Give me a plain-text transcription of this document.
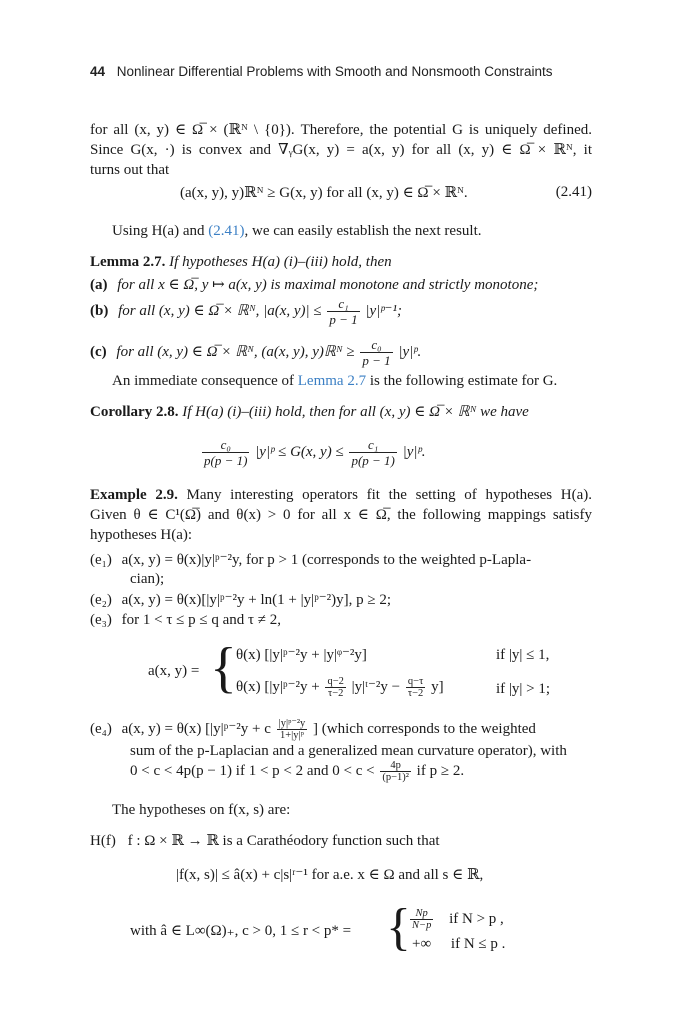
44 Nonlinear Differential Problems with Smooth and Nonsmooth Constraints
for all (x, y) ∈ Ω̅ × (ℝᴺ \ {0}). Therefore, the potential G is uniquely defined.
Since G(x, ·) is convex and ∇ᵧG(x, y) = a(x, y) for all (x, y) ∈ Ω̅ × ℝᴺ, it
turns out that
(a(x, y), y)ℝᴺ ≥ G(x, y) for all (x, y) ∈ Ω̅ × ℝᴺ.	(2.41)
Using H(a) and (2.41), we can easily establish the next result.
Lemma 2.7. If hypotheses H(a) (i)–(iii) hold, then
(a) for all x ∈ Ω̅, y ↦ a(x, y) is maximal monotone and strictly monotone;
(b) for all (x, y) ∈ Ω̅ × ℝᴺ, |a(x, $y)| \le \frac{\text{c₁}}{p - 1}$ |y|ᵖ⁻¹;
(c) for all (x, y) ∈ Ω̅ × ℝᴺ, (a(x, y), y)ℝᴺ ≥ $\frac{\text{c₀}}{p - 1}$ |y|ᵖ.
An immediate consequence of Lemma 2.7 is the following estimate for G.
Corollary 2.8. If H(a) (i)–(iii) hold, then for all (x, y) ∈ Ω̅ × ℝᴺ we have
$\frac{\text{c₀}}{p(p - 1)}$ |y|ᵖ ≤ G(x, $y) \le \frac{\text{c₁}}{p(p - 1)}$ |y|ᵖ.
Example 2.9. Many interesting operators fit the setting of hypotheses H(a).
Given θ ∈ C¹(Ω̅) and θ(x) > 0 for all x ∈ Ω̅, the following mappings satisfy
hypotheses H(a):
(e₁) a(x, y) = θ(x)|y|ᵖ⁻²y, for p > 1 (corresponds to the weighted p-Lapla-
cian);
(e₂) a(x, y) = θ(x)[|y|ᵖ⁻²y + ln(1 + |y|ᵖ⁻²)y], p ≥ 2;
(e₃) for 1 < τ ≤ p ≤ q and τ ≠ 2,
a(x, y) = { θ(x) [|y|ᵖ⁻²y + |y|ᵠ⁻²y]	if |y| ≤ 1,
θ(x) [|y|ᵖ⁻²y + $\frac{q-2}{\tau-2}$ |y|ᵗ⁻²y − $\frac{q-\tau}{\tau-2} y$]	if |y| > 1;
(e₄) a(x, y) = θ(x) [|y|ᵖ⁻²y + c $\frac{\text{|y|ᵖ⁻²y}}{\text{1+|y|ᵖ}}$ ] (which corresponds to the weighted
sum of the p-Laplacian and a generalized mean curvature operator), with
0 < c < 4p(p − 1) if 1 < p < 2 and $0 < c < \frac{4p}{\text{(p−1)²}}$ if p ≥ 2.
The hypotheses on f(x, s) are:
H(f) f : Ω × ℝ → ℝ is a Carathéodory function such that
|f(x, s)| ≤ â(x) + c|s|ʳ⁻¹ for a.e. x ∈ Ω and all s ∈ ℝ,
with â ∈ L∞(Ω)₊, c > 0, 1 ≤ r < p* = { $\frac{Np}{N-p}$ if N > p ,
+∞ if N ≤ p .
